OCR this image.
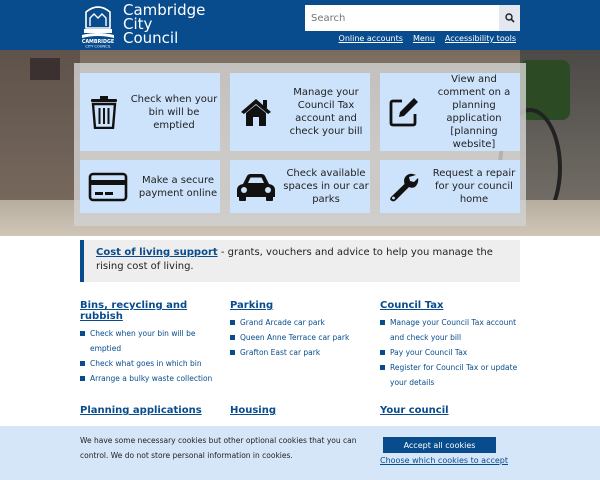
CAMBRIDGE
CITY COUNCIL
Cambridge
City
Council
Search	Online accounts Menu Accessibility tools
Check when your bin will be emptied
Manage your Council Tax account and check your bill
View and comment on a planning application [planning website]
Make a secure payment online
Check available spaces in our car parks
Request a repair for your council home
Cost of living support - grants, vouchers and advice to help you manage the rising cost of living.
Bins, recycling and rubbish
Check when your bin will be emptied
Check what goes in which bin
Arrange a bulky waste collection
Parking
Grand Arcade car park
Queen Anne Terrace car park
Grafton East car park
Council Tax
Manage your Council Tax account and check your bill
Pay your Council Tax
Register for Council Tax or update your details
Planning applications	Housing	Your council
We have some necessary cookies but other optional cookies that you can control. We do not store personal information in cookies.
Accept all cookies
Choose which cookies to accept
